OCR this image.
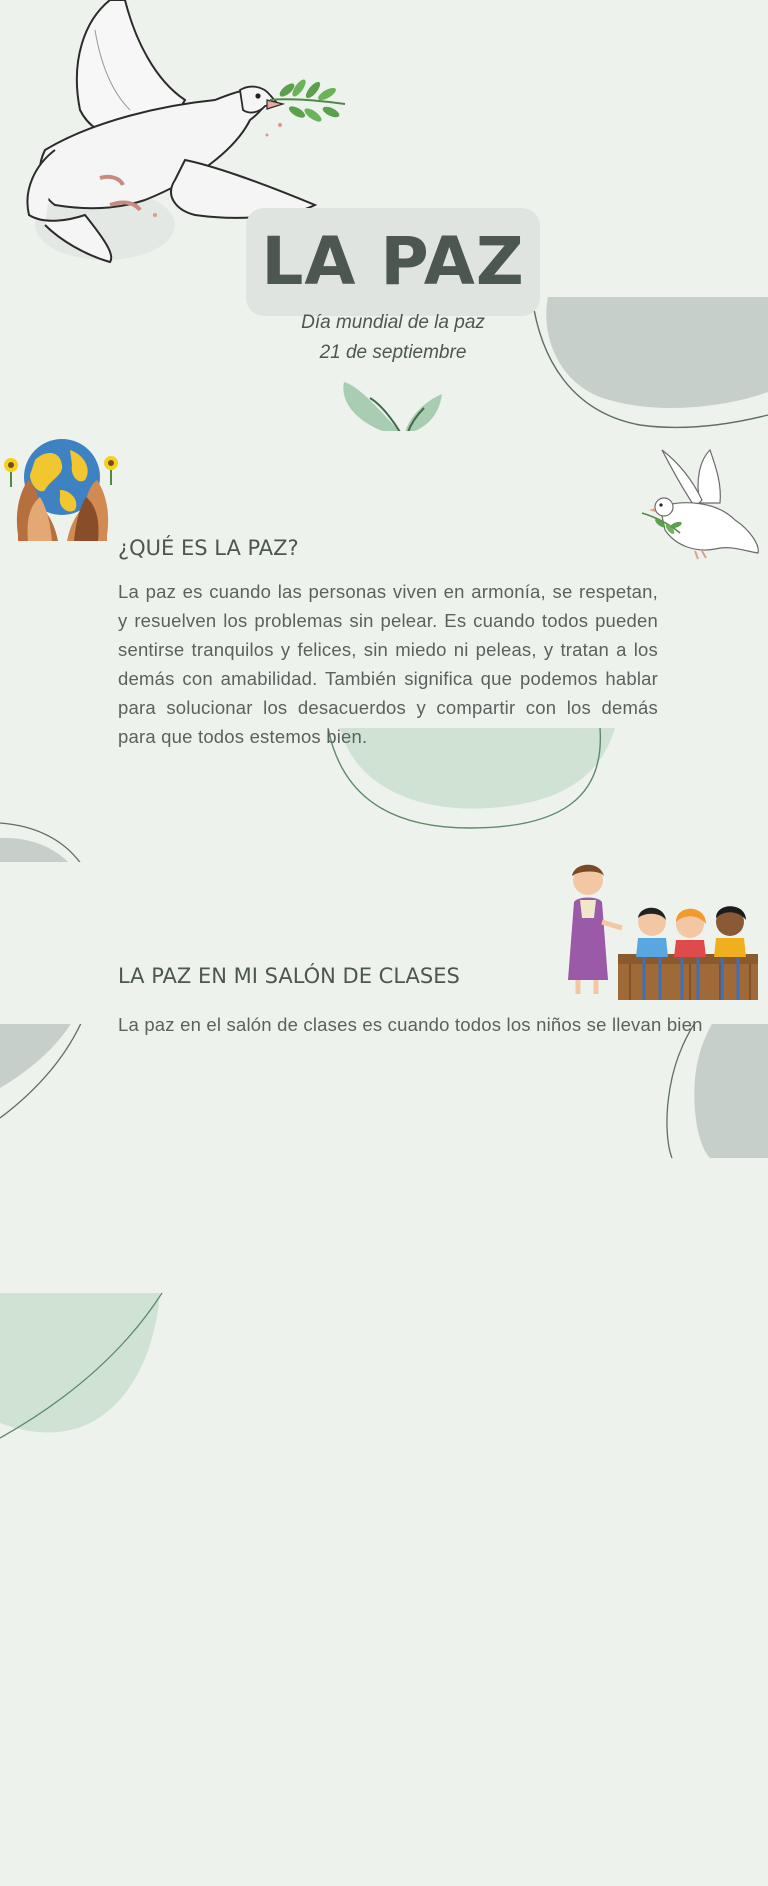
LA PAZ
Día mundial de la paz
21 de septiembre
¿QUÉ ES LA PAZ?
La paz es cuando las personas viven en armonía, se respetan, y resuelven los problemas sin pelear. Es cuando todos pueden sentirse tranquilos y felices, sin miedo ni peleas, y tratan a los demás con amabilidad. También significa que podemos hablar para solucionar los desacuerdos y compartir con los demás para que todos estemos bien.
LA PAZ EN MI SALÓN DE CLASES
La paz en el salón de clases es cuando todos los niños se llevan bien
